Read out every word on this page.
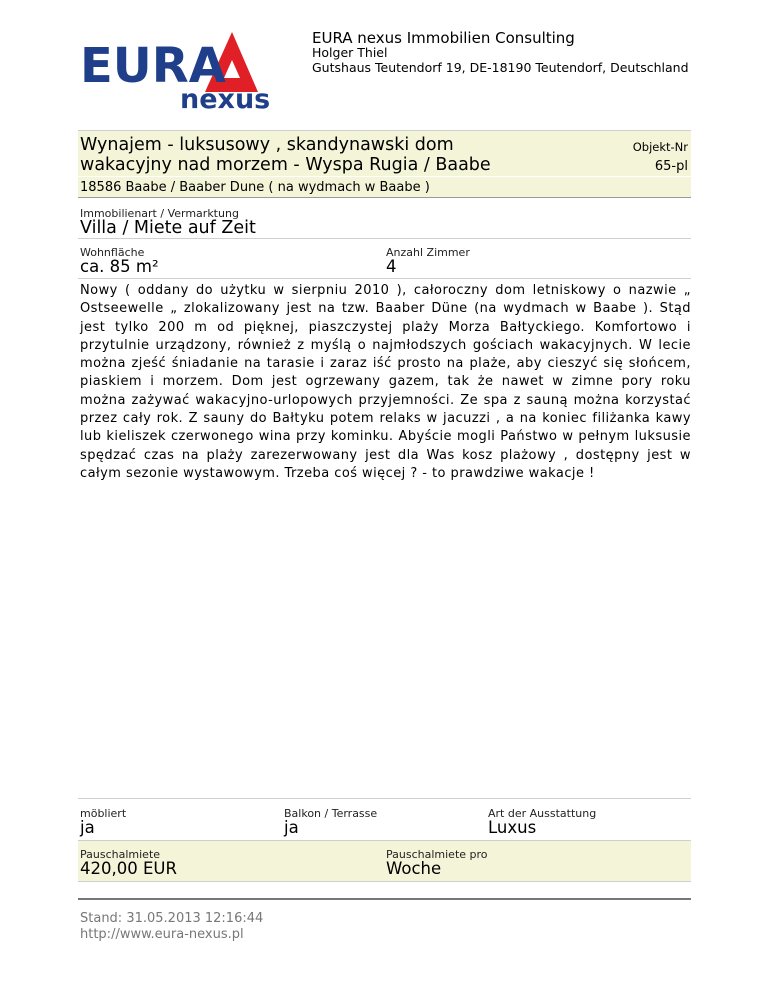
EURA
nexus
EURA nexus Immobilien Consulting
Holger Thiel
Gutshaus Teutendorf 19, DE-18190 Teutendorf, Deutschland
Wynajem - luksusowy , skandynawski dom wakacyjny nad morzem - Wyspa Rugia / Baabe
Objekt-Nr
65-pl
18586 Baabe / Baaber Dune ( na wydmach w Baabe )
Immobilienart / Vermarktung
Villa / Miete auf Zeit
Wohnfläche
ca. 85 m²
Anzahl Zimmer
4
Nowy ( oddany do użytku w sierpniu 2010 ), całoroczny dom letniskowy o nazwie „ Ostseewelle „ zlokalizowany jest na tzw. Baaber Düne (na wydmach w Baabe ). Stąd jest tylko 200 m od pięknej, piaszczystej plaży Morza Bałtyckiego. Komfortowo i przytulnie urządzony, również z myślą o najmłodszych gościach wakacyjnych. W lecie można zjeść śniadanie na tarasie i zaraz iść prosto na plaże, aby cieszyć się słońcem, piaskiem i morzem. Dom jest ogrzewany gazem, tak że nawet w zimne pory roku można zażywać wakacyjno-urlopowych przyjemności. Ze spa z sauną można korzystać przez cały rok. Z sauny do Bałtyku potem relaks w jacuzzi , a na koniec filiżanka kawy lub kieliszek czerwonego wina przy kominku. Abyście mogli Państwo w pełnym luksusie spędzać czas na plaży zarezerwowany jest dla Was kosz plażowy , dostępny jest w całym sezonie wystawowym. Trzeba coś więcej ? - to prawdziwe wakacje !
möbliert
ja
Balkon / Terrasse
ja
Art der Ausstattung
Luxus
Pauschalmiete
420,00 EUR
Pauschalmiete pro
Woche
Stand: 31.05.2013 12:16:44
http://www.eura-nexus.pl
